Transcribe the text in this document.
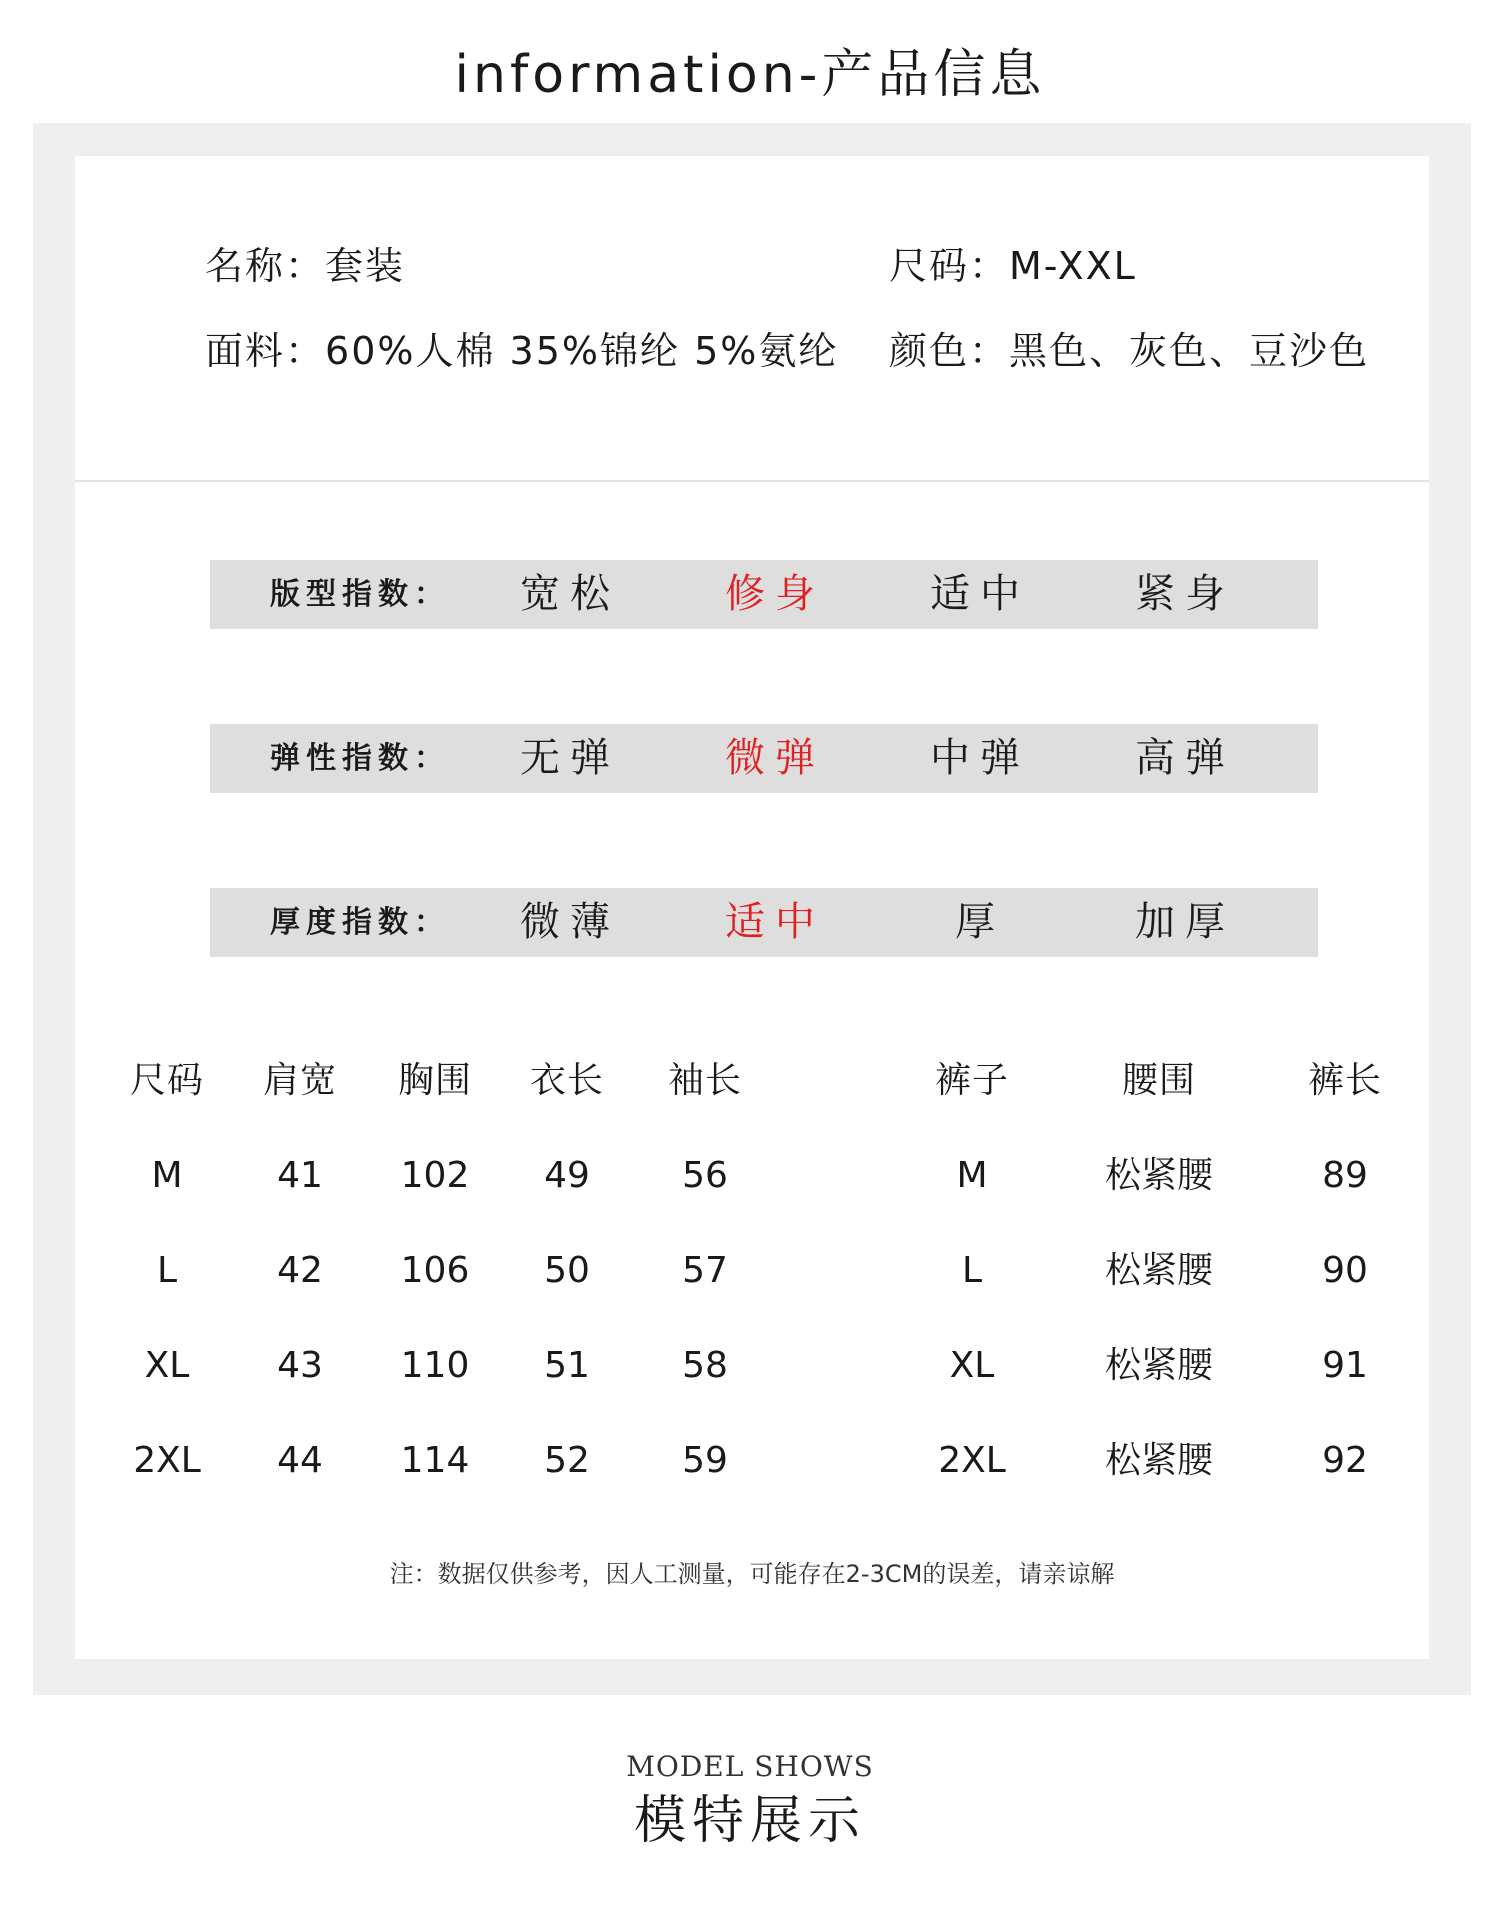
information-产品信息
名称：套装	尺码：M-XXL
面料：60%人棉 35%锦纶 5%氨纶 颜色：黑色、灰色、豆沙色
版型指数：	宽松	修身	适中	紧身
弹性指数：	无弹	微弹	中弹	高弹
厚度指数：	微薄	适中	厚	加厚
尺码	肩宽	胸围	衣长	袖长	裤子	腰围	裤长
M	41	102	49	56	M	松紧腰	89
L	42	106	50	57	L	松紧腰	90
XL	43	110	51	58	XL	松紧腰	91
2XL	44	114	52	59	2XL	松紧腰	92
注：数据仅供参考，因人工测量，可能存在2-3CM的误差，请亲谅解
MODEL SHOWS
模特展示
